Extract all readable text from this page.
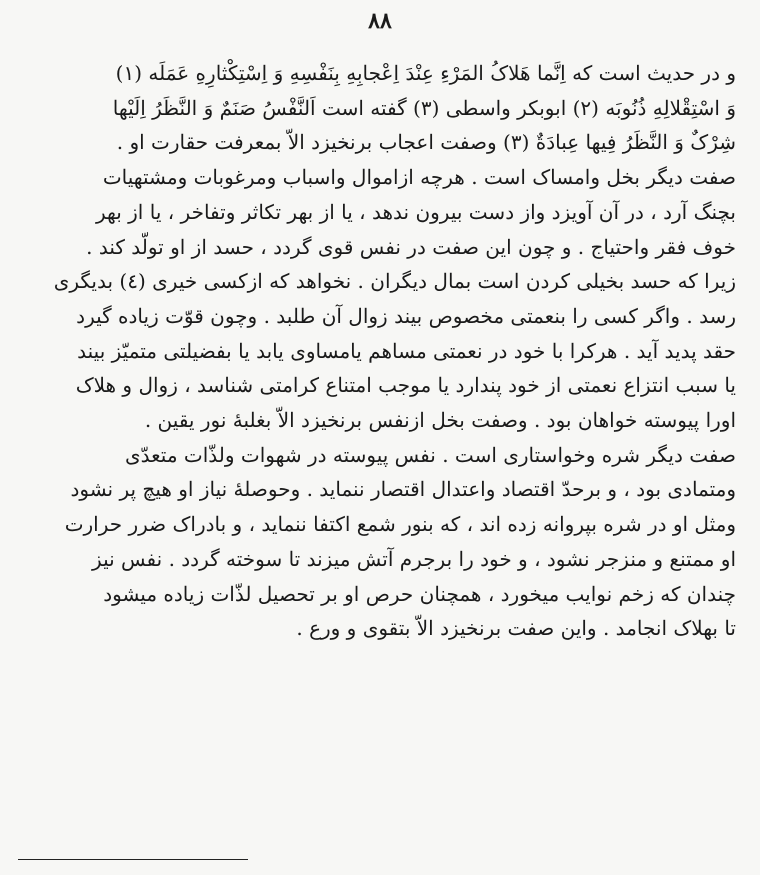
٨٨
و در حدیث است که اِنَّما هَلاکُ المَرْءِ عِنْدَ اِعْجابِهِ بِنَفْسِهِ وَ اِسْتِکْثارِهِ عَمَلَه (١)
وَ اسْتِقْلالِهِ ذُنُوبَه (٢) ابوبکر واسطی (٣) گفته است اَلنَّفْسُ صَنَمٌ وَ النَّظَرُ اِلَیْها
شِرْکٌ وَ النَّظَرُ فِیها عِبادَةٌ (٣) وصفت اعجاب برنخیزد الاّ بمعرفت حقارت او .
صفت دیگر بخل وامساک است . هرچه ازاموال واسباب ومرغوبات ومشتهیات
بچنگ آرد ، در آن آویزد واز دست بیرون ندهد ، یا از بهر تکاثر وتفاخر ، یا از بهر
خوف فقر واحتیاج . و چون این صفت در نفس قوی گردد ، حسد از او تولّد کند .
زیرا که حسد بخیلی کردن است بمال دیگران . نخواهد که ازکسی خیری (٤) بدیگری
رسد . واگر کسی را بنعمتی مخصوص بیند زوال آن طلبد . وچون قوّت زیاده گیرد
حقد پدید آید . هرکرا با خود در نعمتی مساهم یامساوی یابد یا بفضیلتی متمیّز بیند
یا سبب انتزاع نعمتی از خود پندارد یا موجب امتناع کرامتی شناسد ، زوال و هلاک
اورا پیوسته خواهان بود . وصفت بخل ازنفس برنخیزد الاّ بغلبهٔ نور یقین .
صفت دیگر شره وخواستاری است . نفس پیوسته در شهوات ولذّات متعدّی
ومتمادی بود ، و برحدّ اقتصاد واعتدال اقتصار ننماید . وحوصلهٔ نیاز او هیچ پر نشود
ومثل او در شره بپروانه زده اند ، که بنور شمع اکتفا ننماید ، و بادراک ضرر حرارت
او ممتنع و منزجر نشود ، و خود را برجرم آتش میزند تا سوخته گردد . نفس نیز
چندان که زخم نوایب میخورد ، همچنان حرص او بر تحصیل لذّات زیاده میشود
تا بهلاک انجامد . واین صفت برنخیزد الاّ بتقوی و ورع .
